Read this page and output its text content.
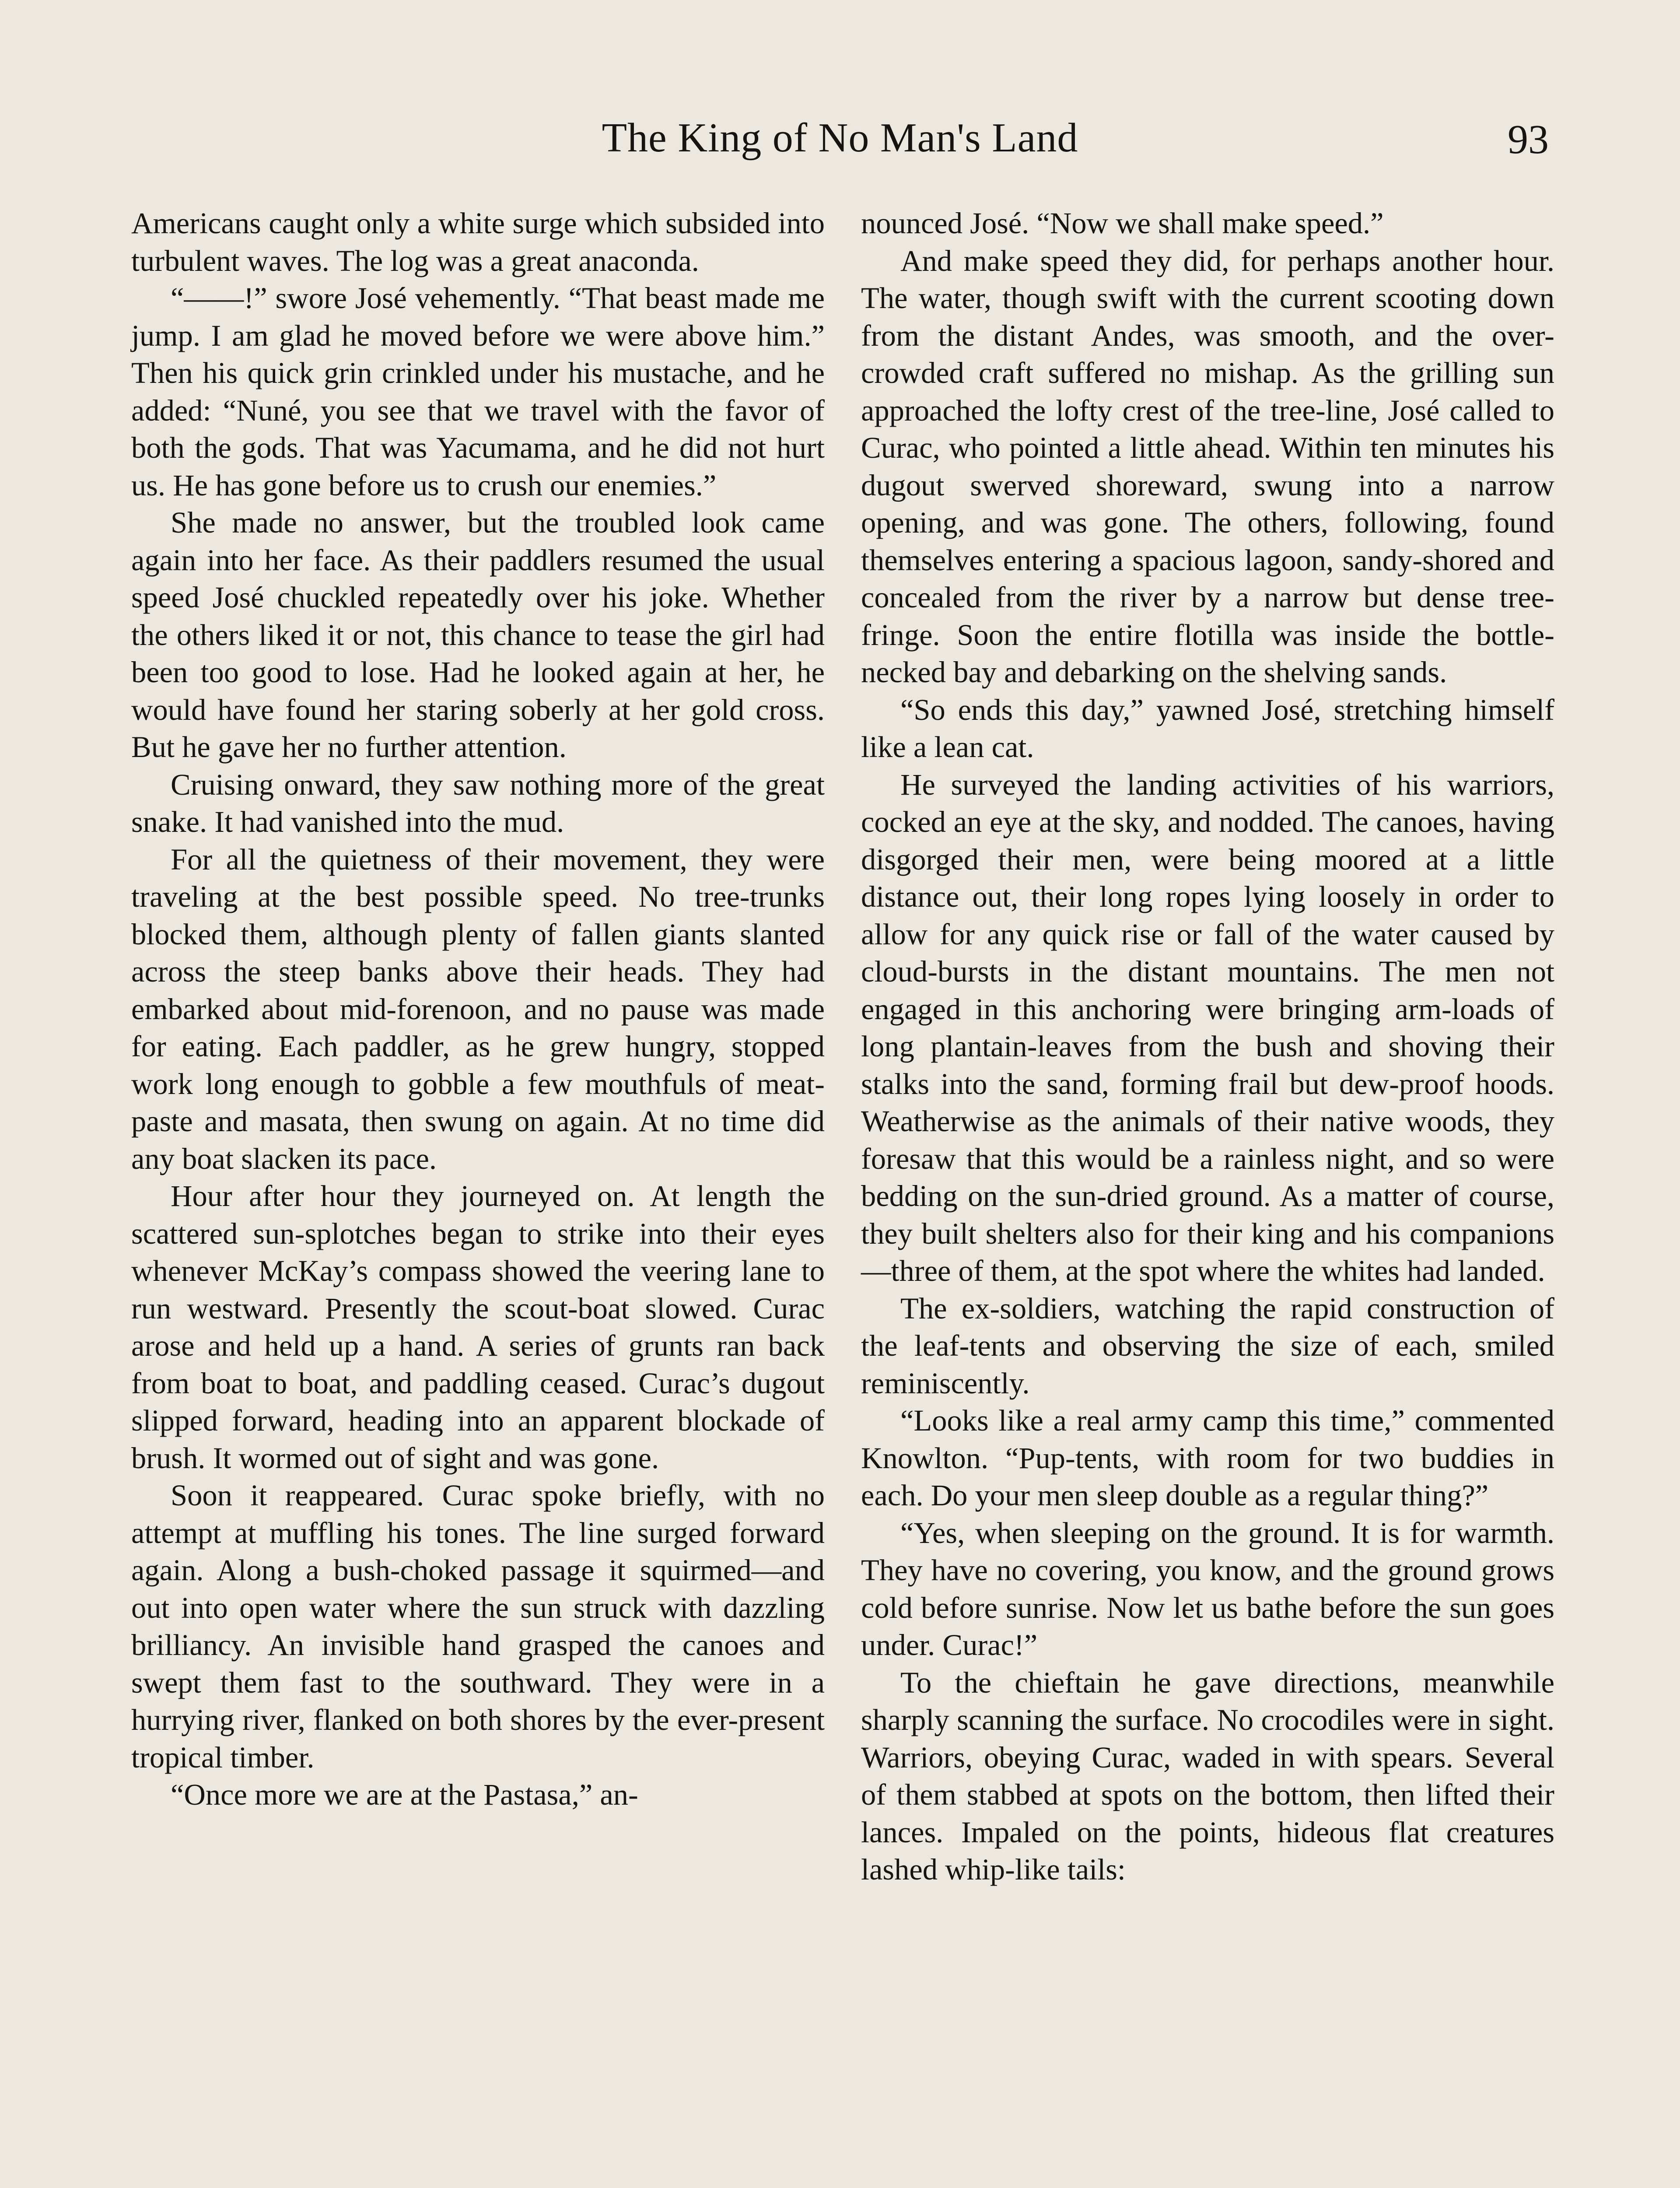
The King of No Man's Land	93

Americans caught only a white surge which subsided into turbulent waves. The log was a great anaconda.

“——!” swore José vehemently. “That beast made me jump. I am glad he moved before we were above him.” Then his quick grin crinkled under his mustache, and he added: “Nuné, you see that we travel with the favor of both the gods. That was Yacumama, and he did not hurt us. He has gone before us to crush our enemies.”

She made no answer, but the troubled look came again into her face. As their paddlers resumed the usual speed José chuckled repeatedly over his joke. Whether the others liked it or not, this chance to tease the girl had been too good to lose. Had he looked again at her, he would have found her staring soberly at her gold cross. But he gave her no further attention.

Cruising onward, they saw nothing more of the great snake. It had vanished into the mud.

For all the quietness of their movement, they were traveling at the best possible speed. No tree-trunks blocked them, although plenty of fallen giants slanted across the steep banks above their heads. They had embarked about mid-forenoon, and no pause was made for eating. Each paddler, as he grew hungry, stopped work long enough to gobble a few mouthfuls of meat-paste and masata, then swung on again. At no time did any boat slacken its pace.

Hour after hour they journeyed on. At length the scattered sun-splotches began to strike into their eyes whenever McKay’s compass showed the veering lane to run westward. Presently the scout-boat slowed. Curac arose and held up a hand. A series of grunts ran back from boat to boat, and paddling ceased. Curac’s dugout slipped forward, heading into an apparent blockade of brush. It wormed out of sight and was gone.

Soon it reappeared. Curac spoke briefly, with no attempt at muffling his tones. The line surged forward again. Along a bush-choked passage it squirmed—and out into open water where the sun struck with dazzling brilliancy. An invisible hand grasped the canoes and swept them fast to the southward. They were in a hurrying river, flanked on both shores by the ever-present tropical timber.

“Once more we are at the Pastasa,” an-

nounced José. “Now we shall make speed.”

And make speed they did, for perhaps another hour. The water, though swift with the current scooting down from the distant Andes, was smooth, and the over-crowded craft suffered no mishap. As the grilling sun approached the lofty crest of the tree-line, José called to Curac, who pointed a little ahead. Within ten minutes his dugout swerved shoreward, swung into a narrow opening, and was gone. The others, following, found themselves entering a spacious lagoon, sandy-shored and concealed from the river by a narrow but dense tree-fringe. Soon the entire flotilla was inside the bottle-necked bay and debarking on the shelving sands.

“So ends this day,” yawned José, stretching himself like a lean cat.

He surveyed the landing activities of his warriors, cocked an eye at the sky, and nodded. The canoes, having disgorged their men, were being moored at a little distance out, their long ropes lying loosely in order to allow for any quick rise or fall of the water caused by cloud-bursts in the distant mountains. The men not engaged in this anchoring were bringing arm-loads of long plantain-leaves from the bush and shoving their stalks into the sand, forming frail but dew-proof hoods. Weatherwise as the animals of their native woods, they foresaw that this would be a rainless night, and so were bedding on the sun-dried ground. As a matter of course, they built shelters also for their king and his companions—three of them, at the spot where the whites had landed.

The ex-soldiers, watching the rapid construction of the leaf-tents and observing the size of each, smiled reminiscently.

“Looks like a real army camp this time,” commented Knowlton. “Pup-tents, with room for two buddies in each. Do your men sleep double as a regular thing?”

“Yes, when sleeping on the ground. It is for warmth. They have no covering, you know, and the ground grows cold before sunrise. Now let us bathe before the sun goes under. Curac!”

To the chieftain he gave directions, meanwhile sharply scanning the surface. No crocodiles were in sight. Warriors, obeying Curac, waded in with spears. Several of them stabbed at spots on the bottom, then lifted their lances. Impaled on the points, hideous flat creatures lashed whip-like tails:
